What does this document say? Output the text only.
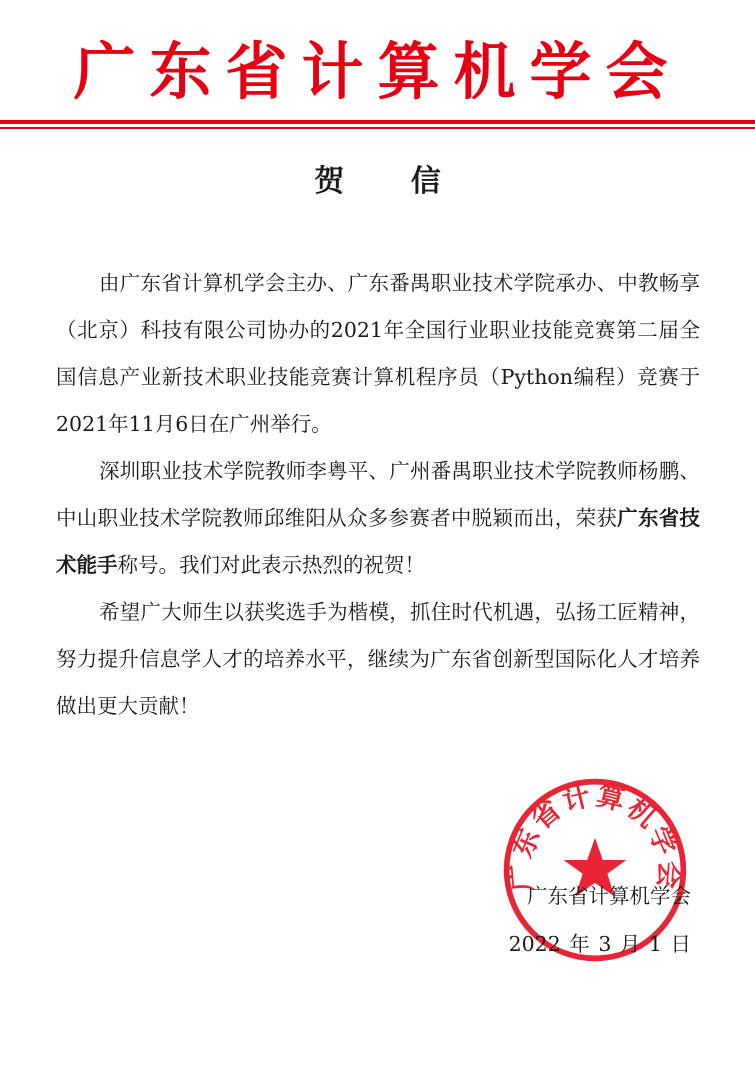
广东省计算机学会
贺 信

由广东省计算机学会主办、广东番禺职业技术学院承办、中教畅享（北京）科技有限公司协办的2021年全国行业职业技能竞赛第二届全国信息产业新技术职业技能竞赛计算机程序员（Python编程）竞赛于2021年11月6日在广州举行。

深圳职业技术学院教师李粤平、广州番禺职业技术学院教师杨鹏、中山职业技术学院教师邱维阳从众多参赛者中脱颖而出，荣获广东省技术能手称号。我们对此表示热烈的祝贺！

希望广大师生以获奖选手为楷模，抓住时代机遇，弘扬工匠精神，努力提升信息学人才的培养水平，继续为广东省创新型国际化人才培养做出更大贡献！

广东省计算机学会
广东省计算机学会
2022 年 3 月 1 日
